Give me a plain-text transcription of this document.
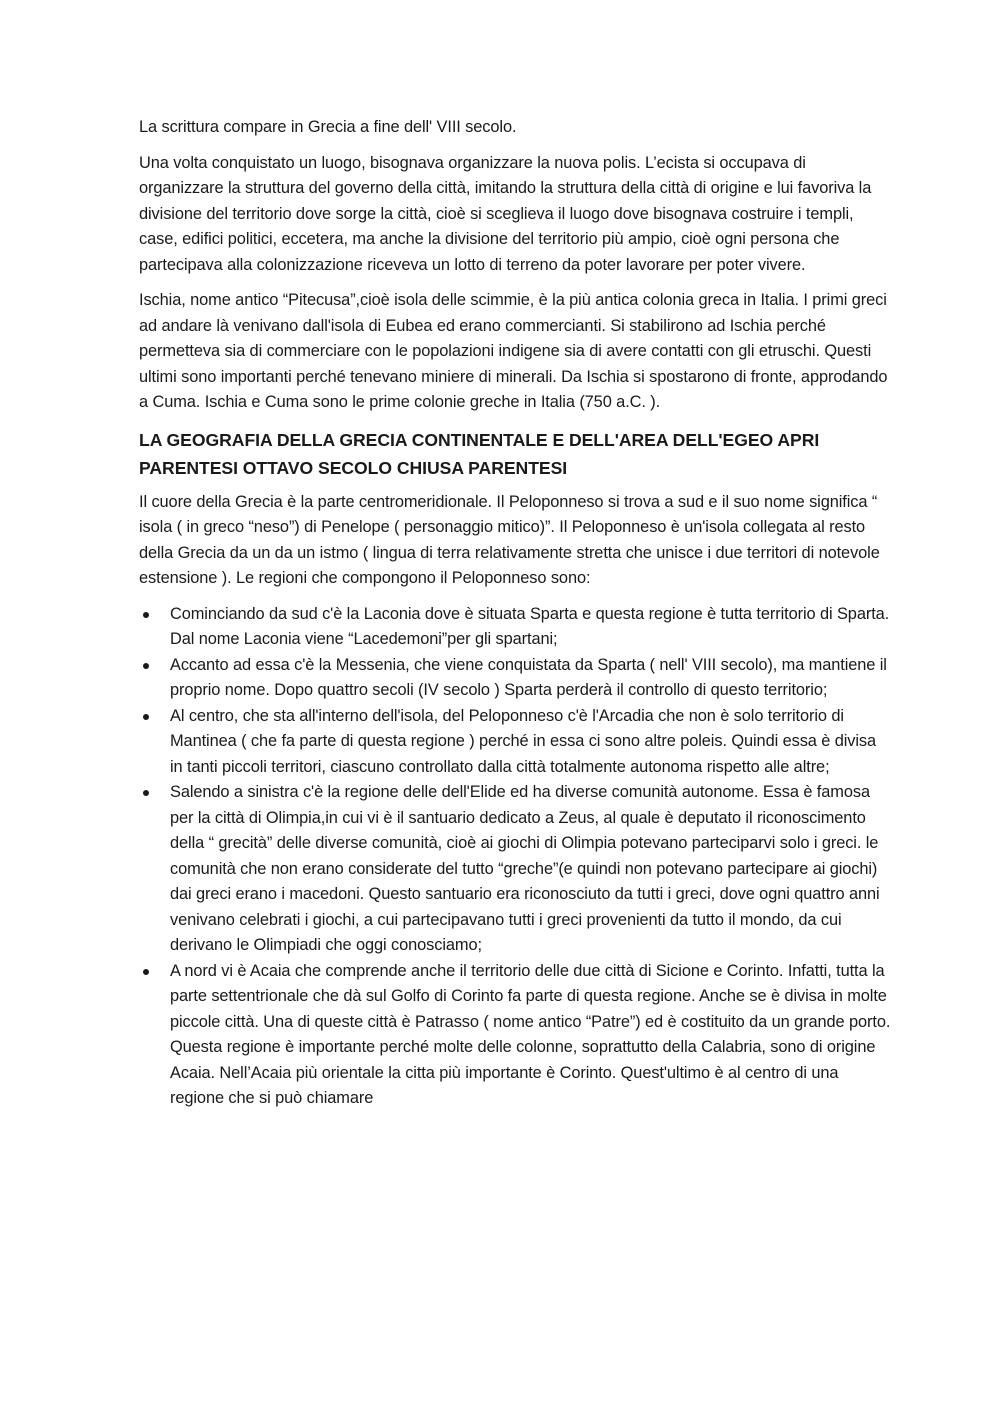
La scrittura compare in Grecia a fine dell' VIII secolo.

Una volta conquistato un luogo, bisognava organizzare la nuova polis. L’ecista si occupava di organizzare la struttura del governo della città, imitando la struttura della città di origine e lui favoriva la divisione del territorio dove sorge la città, cioè si sceglieva il luogo dove bisognava costruire i templi, case, edifici politici, eccetera, ma anche la divisione del territorio più ampio, cioè ogni persona che partecipava alla colonizzazione riceveva un lotto di terreno da poter lavorare per poter vivere.

Ischia, nome antico “Pitecusa”,cioè isola delle scimmie, è la più antica colonia greca in Italia. I primi greci ad andare là venivano dall'isola di Eubea ed erano commercianti. Si stabilirono ad Ischia perché permetteva sia di commerciare con le popolazioni indigene sia di avere contatti con gli etruschi. Questi ultimi sono importanti perché tenevano miniere di minerali. Da Ischia si spostarono di fronte, approdando a Cuma. Ischia e Cuma sono le prime colonie greche in Italia (750 a.C. ).

LA GEOGRAFIA DELLA GRECIA CONTINENTALE E DELL'AREA DELL'EGEO APRI PARENTESI OTTAVO SECOLO CHIUSA PARENTESI

Il cuore della Grecia è la parte centromeridionale. Il Peloponneso si trova a sud e il suo nome significa “ isola ( in greco “neso”) di Penelope ( personaggio mitico)”. Il Peloponneso è un'isola collegata al resto della Grecia da un da un istmo ( lingua di terra relativamente stretta che unisce i due territori di notevole estensione ). Le regioni che compongono il Peloponneso sono:

Cominciando da sud c'è la Laconia dove è situata Sparta e questa regione è tutta territorio di Sparta. Dal nome Laconia viene “Lacedemoni”per gli spartani;
Accanto ad essa c'è la Messenia, che viene conquistata da Sparta ( nell' VIII secolo), ma mantiene il proprio nome. Dopo quattro secoli (IV secolo ) Sparta perderà il controllo di questo territorio;
Al centro, che sta all'interno dell'isola, del Peloponneso c'è l'Arcadia che non è solo territorio di Mantinea ( che fa parte di questa regione ) perché in essa ci sono altre poleis. Quindi essa è divisa in tanti piccoli territori, ciascuno controllato dalla città totalmente autonoma rispetto alle altre;
Salendo a sinistra c'è la regione delle dell'Elide ed ha diverse comunità autonome. Essa è famosa per la città di Olimpia,in cui vi è il santuario dedicato a Zeus, al quale è deputato il riconoscimento della “ grecità” delle diverse comunità, cioè ai giochi di Olimpia potevano parteciparvi solo i greci. le comunità che non erano considerate del tutto “greche”(e quindi non potevano partecipare ai giochi) dai greci erano i macedoni. Questo santuario era riconosciuto da tutti i greci, dove ogni quattro anni venivano celebrati i giochi, a cui partecipavano tutti i greci provenienti da tutto il mondo, da cui derivano le Olimpiadi che oggi conosciamo;
A nord vi è Acaia che comprende anche il territorio delle due città di Sicione e Corinto. Infatti, tutta la parte settentrionale che dà sul Golfo di Corinto fa parte di questa regione. Anche se è divisa in molte piccole città. Una di queste città è Patrasso ( nome antico “Patre”) ed è costituito da un grande porto. Questa regione è importante perché molte delle colonne, soprattutto della Calabria, sono di origine Acaia. Nell’Acaia più orientale la citta più importante è Corinto. Quest'ultimo è al centro di una regione che si può chiamare
